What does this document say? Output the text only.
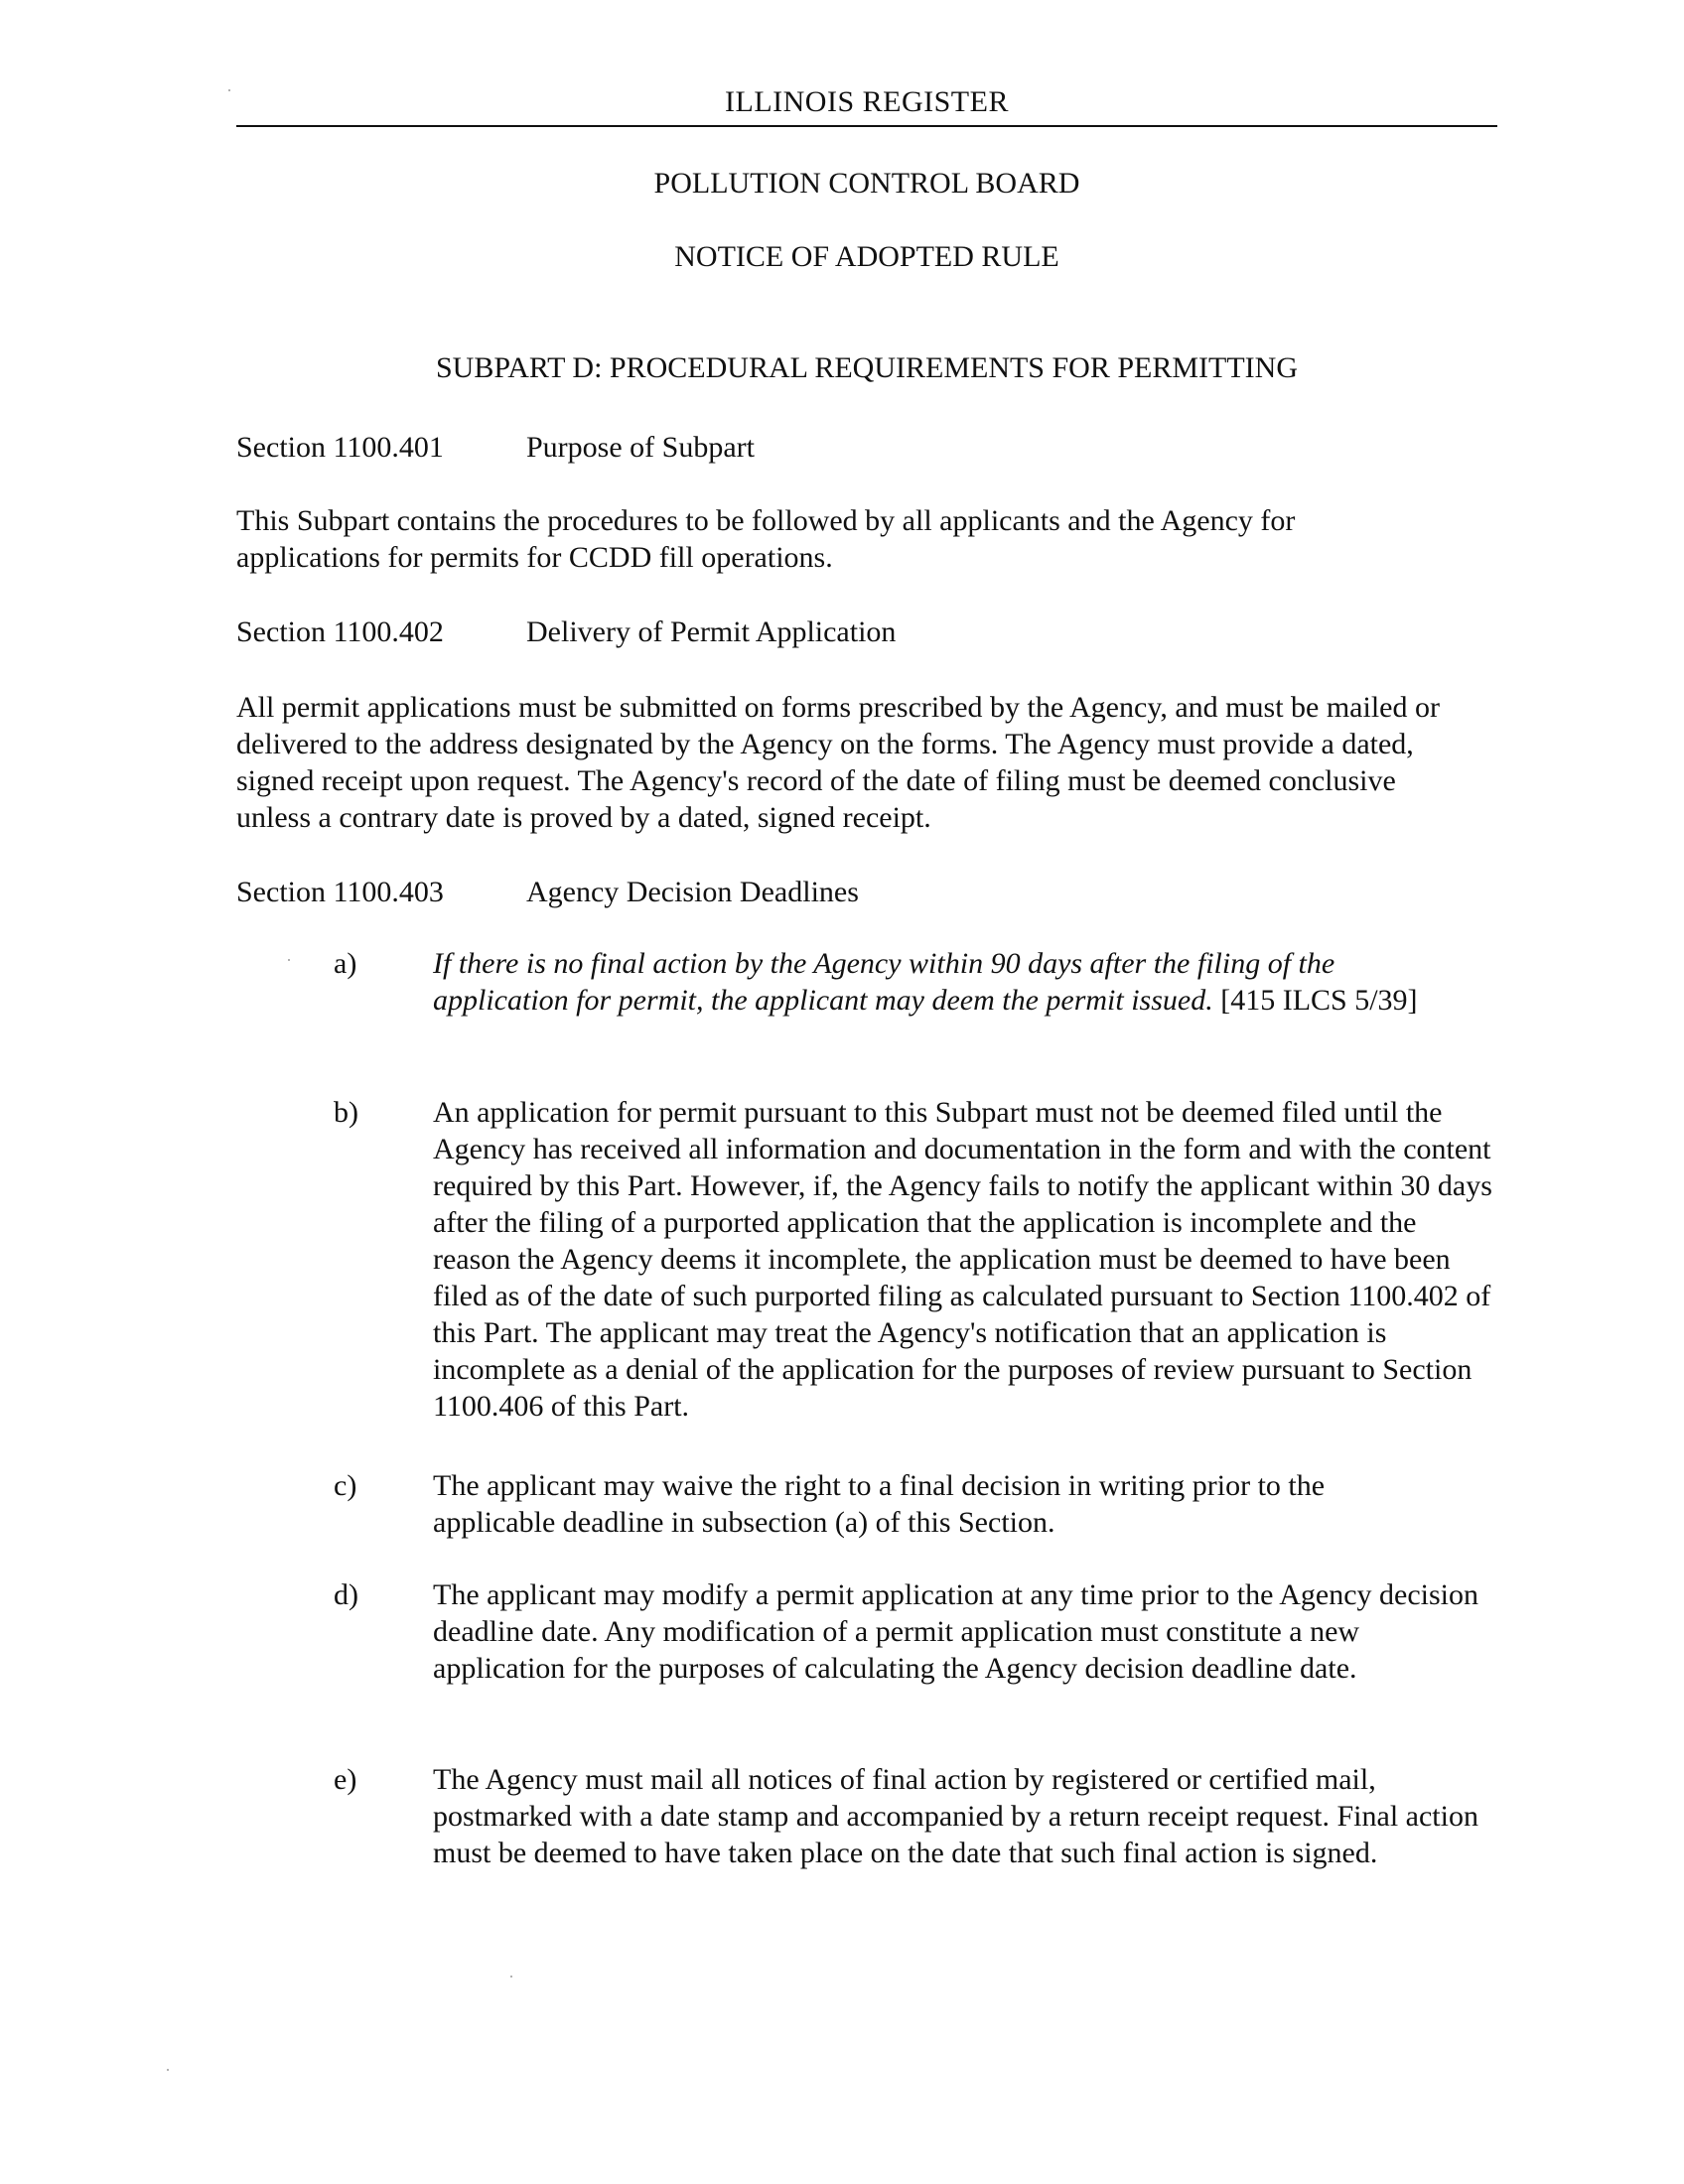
ILLINOIS REGISTER
POLLUTION CONTROL BOARD
NOTICE OF ADOPTED RULE
SUBPART D: PROCEDURAL REQUIREMENTS FOR PERMITTING
Section 1100.401	Purpose of Subpart
This Subpart contains the procedures to be followed by all applicants and the Agency for applications for permits for CCDD fill operations.
Section 1100.402	Delivery of Permit Application
All permit applications must be submitted on forms prescribed by the Agency, and must be mailed or delivered to the address designated by the Agency on the forms. The Agency must provide a dated, signed receipt upon request. The Agency's record of the date of filing must be deemed conclusive unless a contrary date is proved by a dated, signed receipt.
Section 1100.403	Agency Decision Deadlines
a)	If there is no final action by the Agency within 90 days after the filing of the application for permit, the applicant may deem the permit issued. [415 ILCS 5/39]
b)	An application for permit pursuant to this Subpart must not be deemed filed until the Agency has received all information and documentation in the form and with the content required by this Part. However, if, the Agency fails to notify the applicant within 30 days after the filing of a purported application that the application is incomplete and the reason the Agency deems it incomplete, the application must be deemed to have been filed as of the date of such purported filing as calculated pursuant to Section 1100.402 of this Part. The applicant may treat the Agency's notification that an application is incomplete as a denial of the application for the purposes of review pursuant to Section 1100.406 of this Part.
c)	The applicant may waive the right to a final decision in writing prior to the applicable deadline in subsection (a) of this Section.
d)	The applicant may modify a permit application at any time prior to the Agency decision deadline date. Any modification of a permit application must constitute a new application for the purposes of calculating the Agency decision deadline date.
e)	The Agency must mail all notices of final action by registered or certified mail, postmarked with a date stamp and accompanied by a return receipt request. Final action must be deemed to have taken place on the date that such final action is signed.
